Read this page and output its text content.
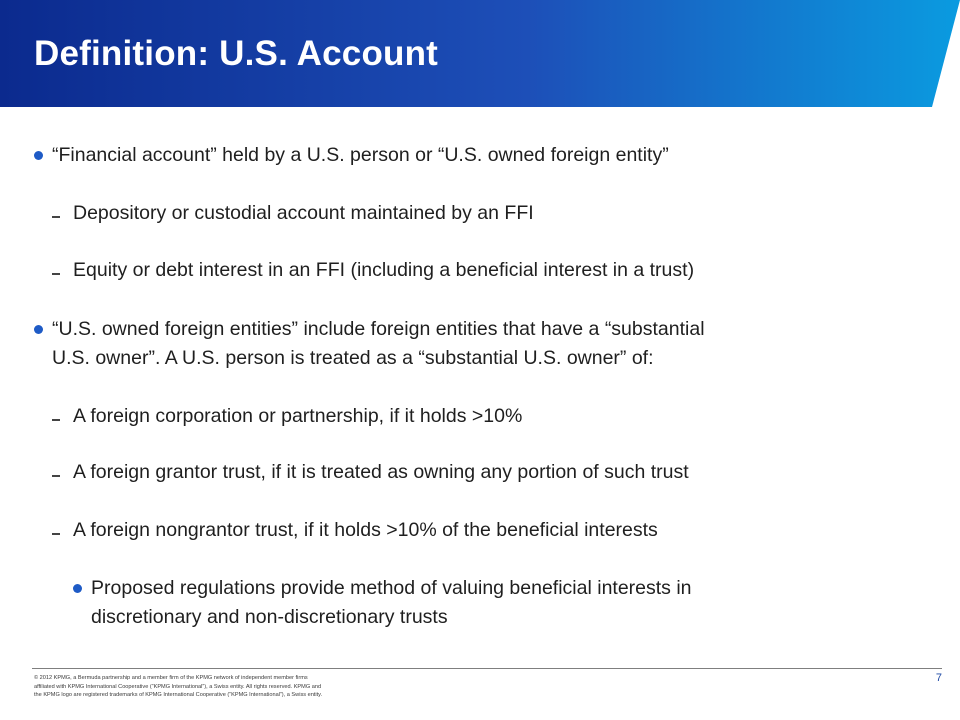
Definition: U.S. Account
“Financial account” held by a U.S. person or “U.S. owned foreign entity”
Depository or custodial account maintained by an FFI
Equity or debt interest in an FFI (including a beneficial interest in a trust)
“U.S. owned foreign entities” include foreign entities that have a “substantial
U.S. owner”. A U.S. person is treated as a “substantial U.S. owner” of:
A foreign corporation or partnership, if it holds >10%
A foreign grantor trust, if it is treated as owning any portion of such trust
A foreign nongrantor trust, if it holds >10% of the beneficial interests
Proposed regulations provide method of valuing beneficial interests in
discretionary and non-discretionary trusts
© 2012 KPMG, a Bermuda partnership and a member firm of the KPMG network of independent member firms
affiliated with KPMG International Cooperative (“KPMG International”), a Swiss entity. All rights reserved. KPMG and
the KPMG logo are registered trademarks of KPMG International Cooperative (“KPMG International”), a Swiss entity.
7
